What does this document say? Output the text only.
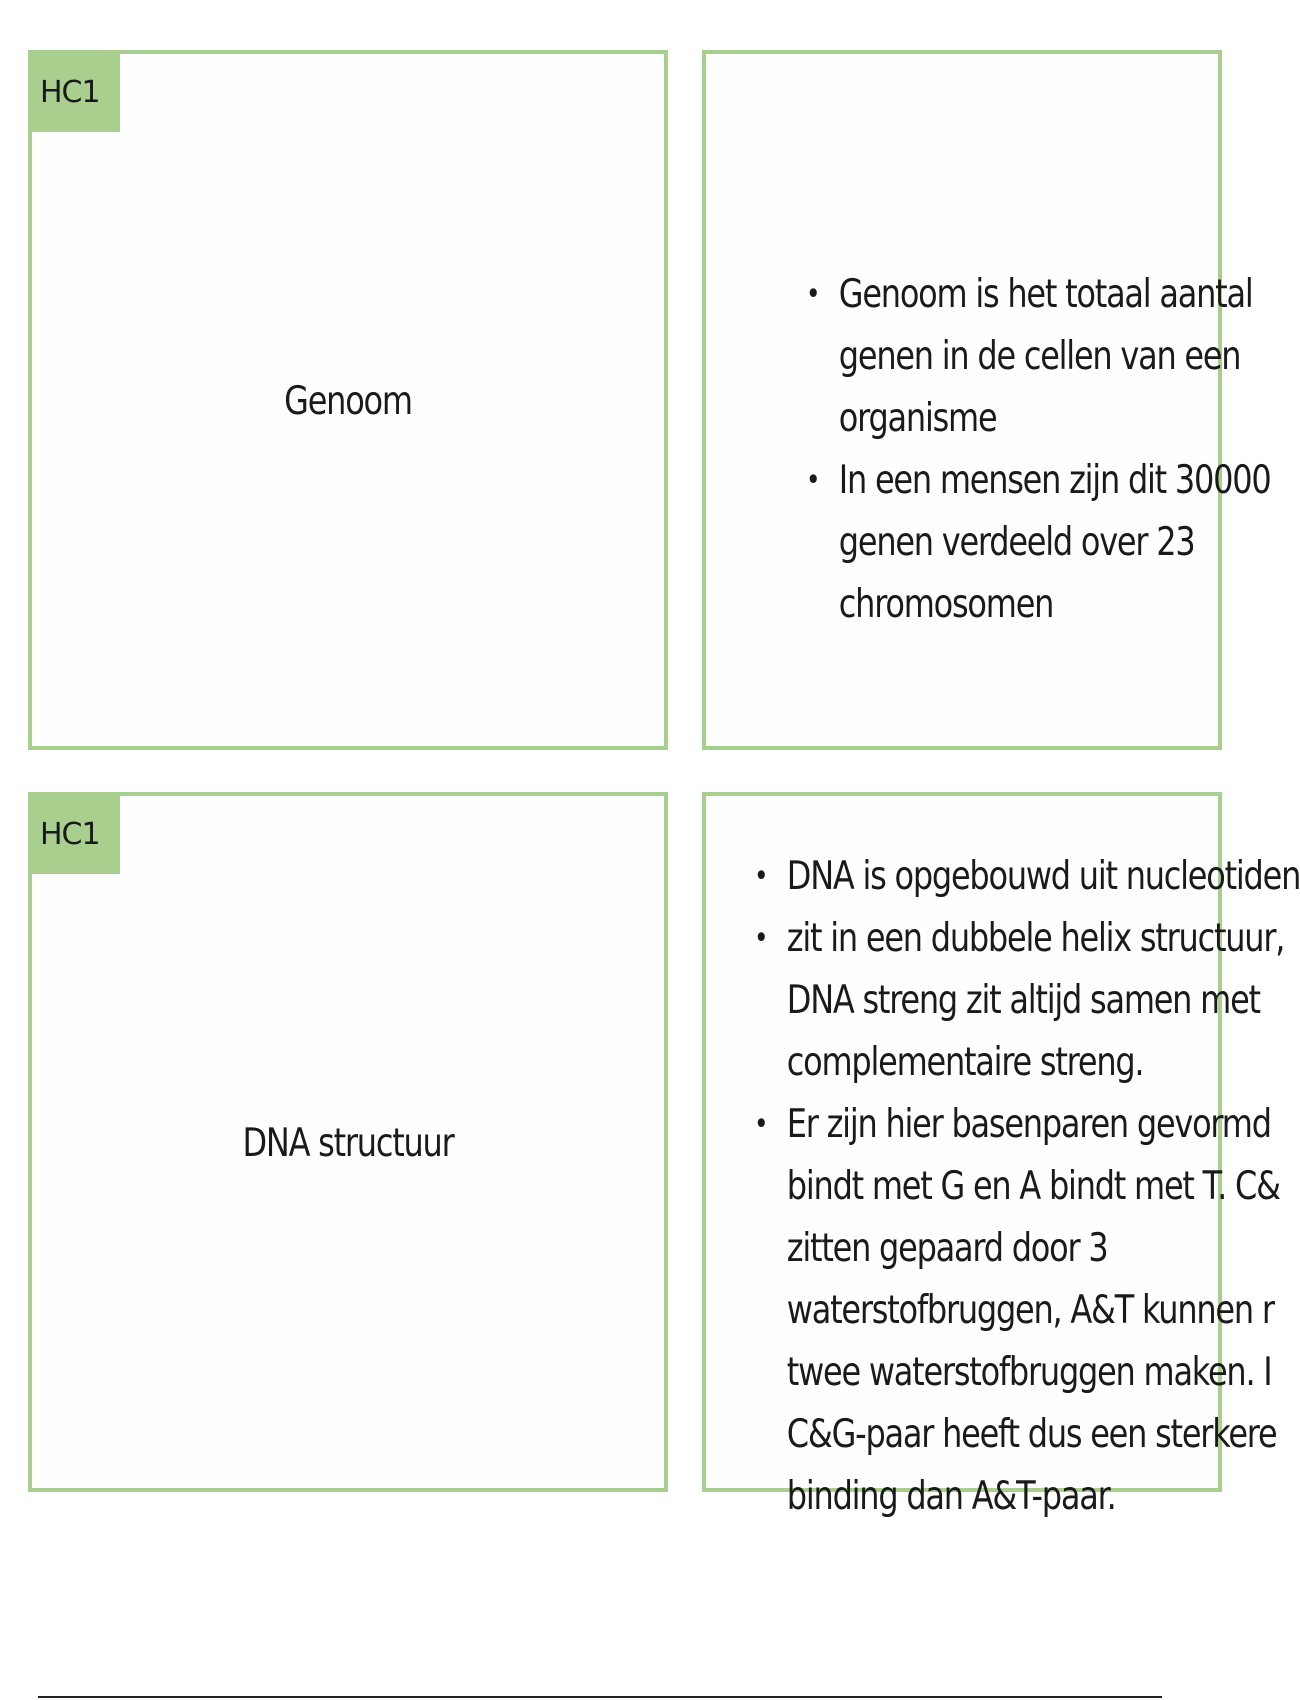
HC1
Genoom
• Genoom is het totaal aantal
genen in de cellen van een
organisme
• In een mensen zijn dit 30000
genen verdeeld over 23
chromosomen
HC1
DNA structuur
• DNA is opgebouwd uit nucleotiden
• zit in een dubbele helix structuur,
DNA streng zit altijd samen met
complementaire streng.
• Er zijn hier basenparen gevormd
bindt met G en A bindt met T. C&
zitten gepaard door 3
waterstofbruggen, A&T kunnen r
twee waterstofbruggen maken. I
C&G-paar heeft dus een sterkere
binding dan A&T-paar.
